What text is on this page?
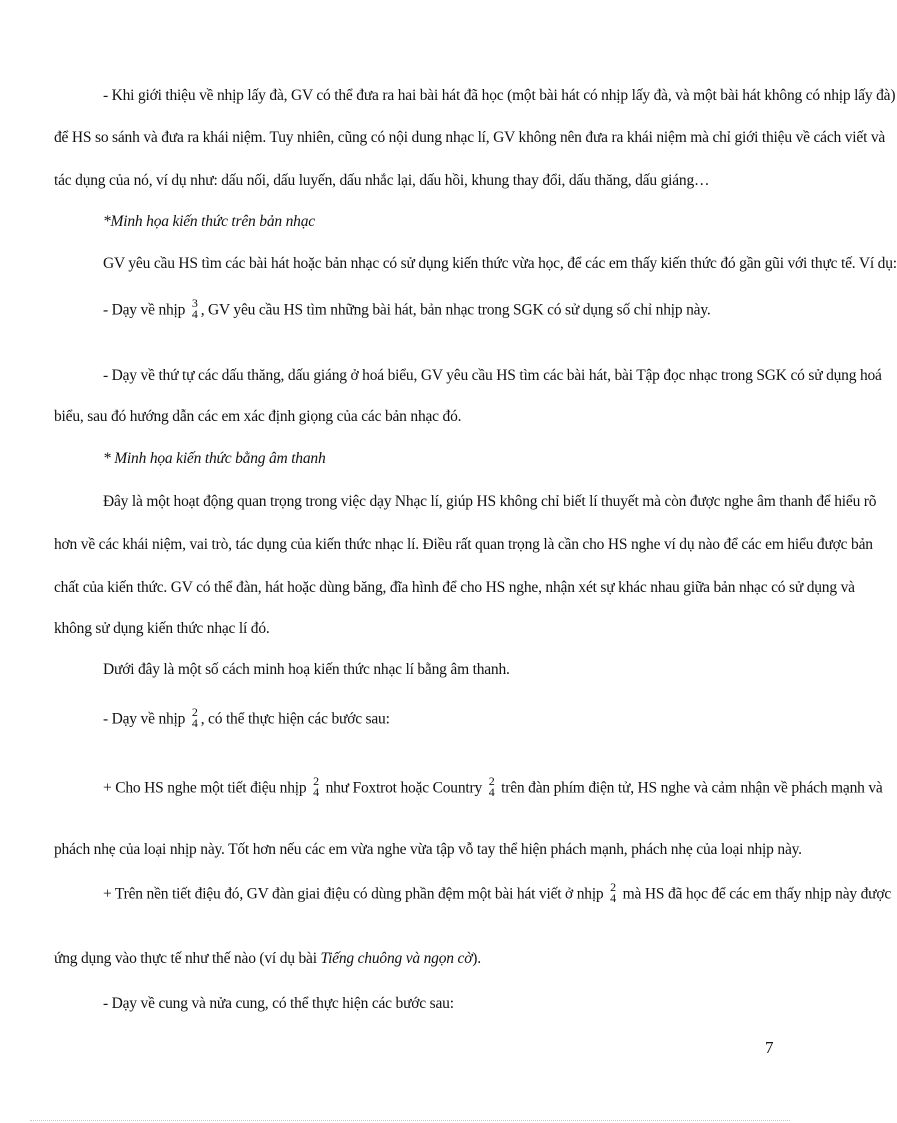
- Khi giới thiệu về nhịp lấy đà, GV có thể đưa ra hai bài hát đã học (một bài hát có nhịp lấy đà, và một bài hát không có nhịp lấy đà)
để HS so sánh và đưa ra khái niệm. Tuy nhiên, cũng có nội dung nhạc lí, GV không nên đưa ra khái niệm mà chỉ giới thiệu về cách viết và
tác dụng của nó, ví dụ như: dấu nối, dấu luyến, dấu nhắc lại, dấu hồi, khung thay đổi, dấu thăng, dấu giáng…
*Minh họa kiến thức trên bản nhạc
GV yêu cầu HS tìm các bài hát hoặc bản nhạc có sử dụng kiến thức vừa học, để các em thấy kiến thức đó gần gũi với thực tế. Ví dụ:
- Dạy về nhịp 3
4 , GV yêu cầu HS tìm những bài hát, bản nhạc trong SGK có sử dụng số chỉ nhịp này.
- Dạy về thứ tự các dấu thăng, dấu giáng ở hoá biểu, GV yêu cầu HS tìm các bài hát, bài Tập đọc nhạc trong SGK có sử dụng hoá
biểu, sau đó hướng dẫn các em xác định giọng của các bản nhạc đó.
* Minh họa kiến thức bằng âm thanh
Đây là một hoạt động quan trọng trong việc dạy Nhạc lí, giúp HS không chỉ biết lí thuyết mà còn được nghe âm thanh để hiểu rõ
hơn về các khái niệm, vai trò, tác dụng của kiến thức nhạc lí. Điều rất quan trọng là cần cho HS nghe ví dụ nào để các em hiểu được bản
chất của kiến thức. GV có thể đàn, hát hoặc dùng băng, đĩa hình để cho HS nghe, nhận xét sự khác nhau giữa bản nhạc có sử dụng và
không sử dụng kiến thức nhạc lí đó.
Dưới đây là một số cách minh hoạ kiến thức nhạc lí bằng âm thanh.
- Dạy về nhịp 2
4 , có thể thực hiện các bước sau:
+ Cho HS nghe một tiết điệu nhịp 2
4 như Foxtrot hoặc Country 2
4 trên đàn phím điện tử, HS nghe và cảm nhận về phách mạnh và
phách nhẹ của loại nhịp này. Tốt hơn nếu các em vừa nghe vừa tập vỗ tay thể hiện phách mạnh, phách nhẹ của loại nhịp này.
+ Trên nền tiết điệu đó, GV đàn giai điệu có dùng phần đệm một bài hát viết ở nhịp 2
4 mà HS đã học để các em thấy nhịp này được
ứng dụng vào thực tế như thế nào (ví dụ bài Tiếng chuông và ngọn cờ).
- Dạy về cung và nửa cung, có thể thực hiện các bước sau:
7
